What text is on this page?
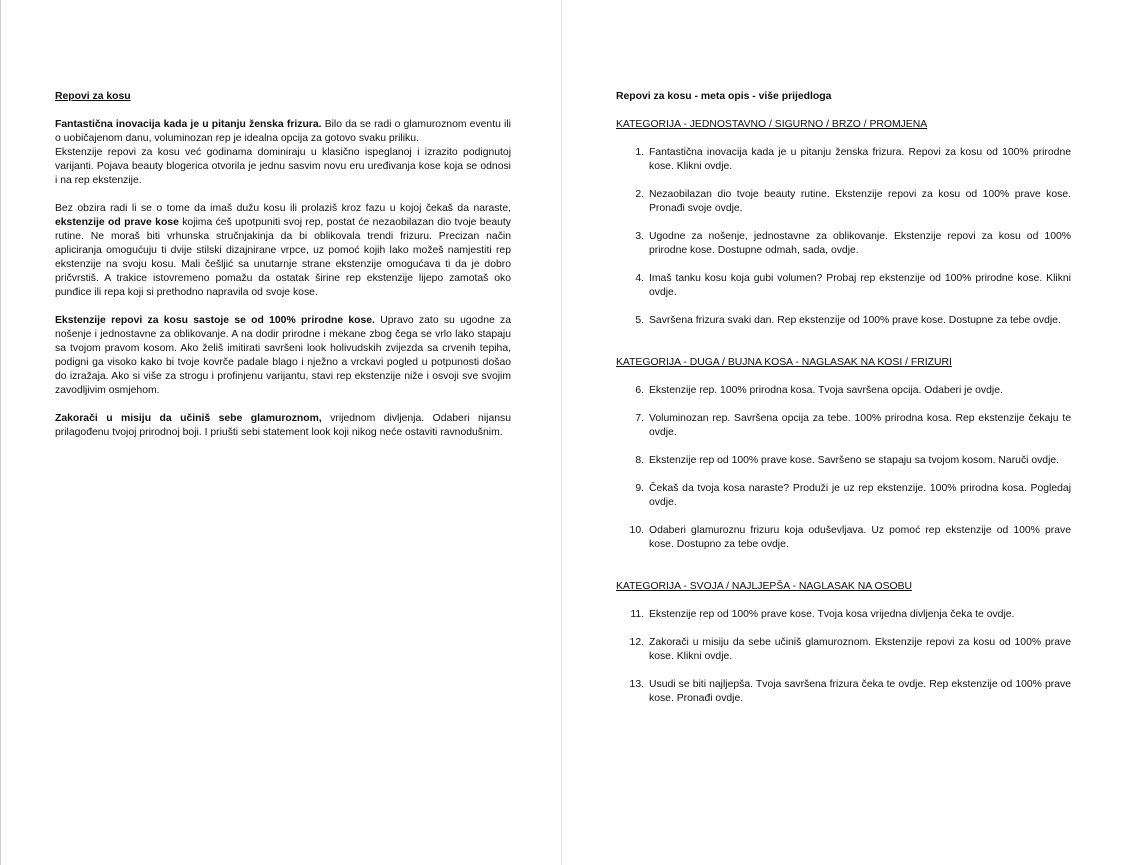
Repovi za kosu

Fantastična inovacija kada je u pitanju ženska frizura. Bilo da se radi o glamuroznom eventu ili o uobičajenom danu, voluminozan rep je idealna opcija za gotovo svaku priliku.

Ekstenzije repovi za kosu već godinama dominiraju u klasično ispeglanoj i izrazito podignutoj varijanti. Pojava beauty blogerica otvorila je jednu sasvim novu eru uređivanja kose koja se odnosi i na rep ekstenzije.

Bez obzira radi li se o tome da imaš dužu kosu ili prolaziš kroz fazu u kojoj čekaš da naraste, ekstenzije od prave kose kojima ćeš upotpuniti svoj rep, postat će nezaobilazan dio tvoje beauty rutine. Ne moraš biti vrhunska stručnjakinja da bi oblikovala trendi frizuru. Precizan način apliciranja omogućuju ti dvije stilski dizajnirane vrpce, uz pomoć kojih lako možeš namjestiti rep ekstenzije na svoju kosu. Mali češljić sa unutarnje strane ekstenzije omogućava ti da je dobro pričvrstiš. A trakice istovremeno pomažu da ostatak širine rep ekstenzije lijepo zamotaš oko punđice ili repa koji si prethodno napravila od svoje kose.

Ekstenzije repovi za kosu sastoje se od 100% prirodne kose. Upravo zato su ugodne za nošenje i jednostavne za oblikovanje. A na dodir prirodne i mekane zbog čega se vrlo lako stapaju sa tvojom pravom kosom. Ako želiš imitirati savršeni look holivudskih zvijezda sa crvenih tepiha, podigni ga visoko kako bi tvoje kovrče padale blago i nježno a vrckavi pogled u potpunosti došao do izražaja. Ako si više za strogu i profinjenu varijantu, stavi rep ekstenzije niže i osvoji sve svojim zavodljivim osmjehom.

Zakorači u misiju da učiniš sebe glamuroznom, vrijednom divljenja. Odaberi nijansu prilagođenu tvojoj prirodnoj boji. I priušti sebi statement look koji nikog neće ostaviti ravnodušnim.

Repovi za kosu - meta opis - više prijedloga
KATEGORIJA - JEDNOSTAVNO / SIGURNO / BRZO / PROMJENA
1. Fantastična inovacija kada je u pitanju ženska frizura. Repovi za kosu od 100% prirodne kose. Klikni ovdje.
2. Nezaobilazan dio tvoje beauty rutine. Ekstenzije repovi za kosu od 100% prave kose. Pronađi svoje ovdje.
3. Ugodne za nošenje, jednostavne za oblikovanje. Ekstenzije repovi za kosu od 100% prirodne kose. Dostupne odmah, sada, ovdje.
4. Imaš tanku kosu koja gubi volumen? Probaj rep ekstenzije od 100% prirodne kose. Klikni ovdje.
5. Savršena frizura svaki dan. Rep ekstenzije od 100% prave kose. Dostupne za tebe ovdje.
KATEGORIJA - DUGA / BUJNA KOSA - NAGLASAK NA KOSI / FRIZURI
6. Ekstenzije rep. 100% prirodna kosa. Tvoja savršena opcija. Odaberi je ovdje.
7. Voluminozan rep. Savršena opcija za tebe. 100% prirodna kosa. Rep ekstenzije čekaju te ovdje.
8. Ekstenzije rep od 100% prave kose. Savršeno se stapaju sa tvojom kosom. Naruči ovdje.
9. Čekaš da tvoja kosa naraste? Produži je uz rep ekstenzije. 100% prirodna kosa. Pogledaj ovdje.
10. Odaberi glamuroznu frizuru koja oduševljava. Uz pomoć rep ekstenzije od 100% prave kose. Dostupno za tebe ovdje.
KATEGORIJA - SVOJA / NAJLJEPŠA - NAGLASAK NA OSOBU
11. Ekstenzije rep od 100% prave kose. Tvoja kosa vrijedna divljenja čeka te ovdje.
12. Zakorači u misiju da sebe učiniš glamuroznom. Ekstenzije repovi za kosu od 100% prave kose. Klikni ovdje.
13. Usudi se biti najljepša. Tvoja savršena frizura čeka te ovdje. Rep ekstenzije od 100% prave kose. Pronađi ovdje.
